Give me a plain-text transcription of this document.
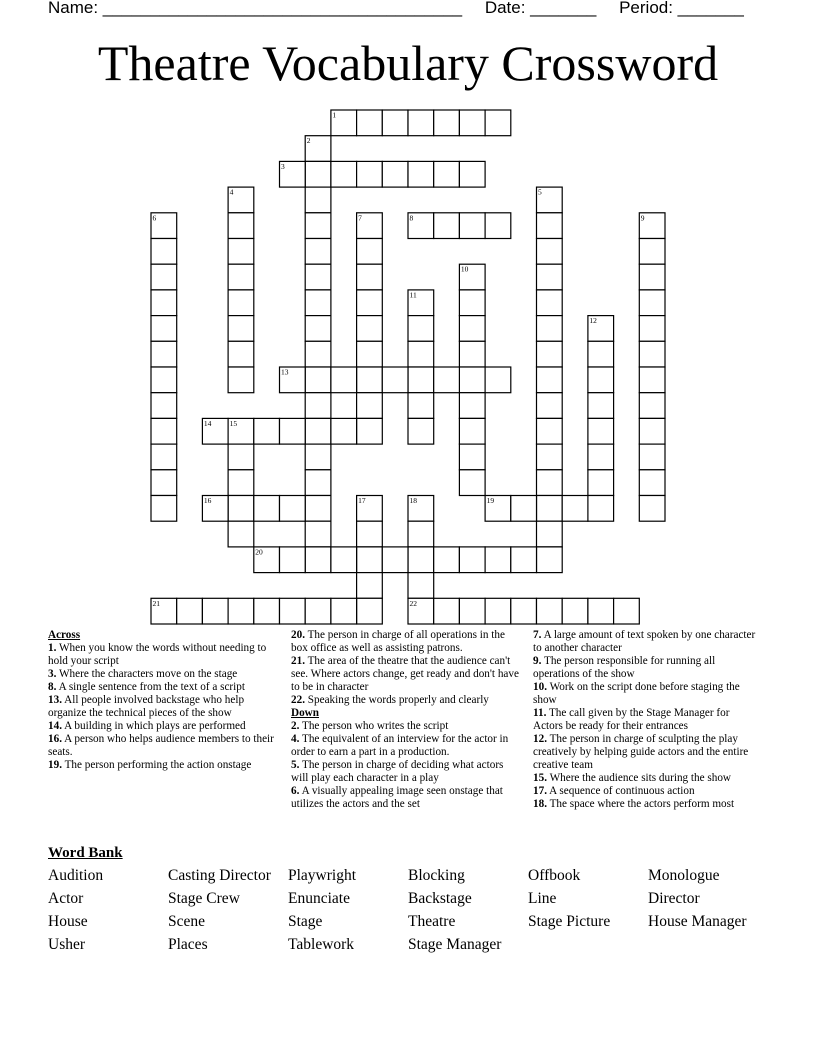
Name: ______________________________________ Date: _______ Period: _______
Theatre Vocabulary Crossword
1
2
3
4	5
6	7	8	9
10
11
12
13
14 15
16	17	18	19
20
21	22
Across
1. When you know the words without needing to hold your script
3. Where the characters move on the stage
8. A single sentence from the text of a script
13. All people involved backstage who help organize the technical pieces of the show
14. A building in which plays are performed
16. A person who helps audience members to their seats.
19. The person performing the action onstage
20. The person in charge of all operations in the box office as well as assisting patrons.
21. The area of the theatre that the audience can't see. Where actors change, get ready and don't have to be in character
22. Speaking the words properly and clearly
Down
2. The person who writes the script
4. The equivalent of an interview for the actor in order to earn a part in a production.
5. The person in charge of deciding what actors will play each character in a play
6. A visually appealing image seen onstage that utilizes the actors and the set
7. A large amount of text spoken by one character to another character
9. The person responsible for running all operations of the show
10. Work on the script done before staging the show
11. The call given by the Stage Manager for Actors be ready for their entrances
12. The person in charge of sculpting the play creatively by helping guide actors and the entire creative team
15. Where the audience sits during the show
17. A sequence of continuous action
18. The space where the actors perform most
Word Bank
Audition	Casting Director	Playwright	Blocking	Offbook	Monologue
Actor	Stage Crew	Enunciate	Backstage	Line	Director
House	Scene	Stage	Theatre	Stage Picture	House Manager
Usher	Places	Tablework	Stage Manager
